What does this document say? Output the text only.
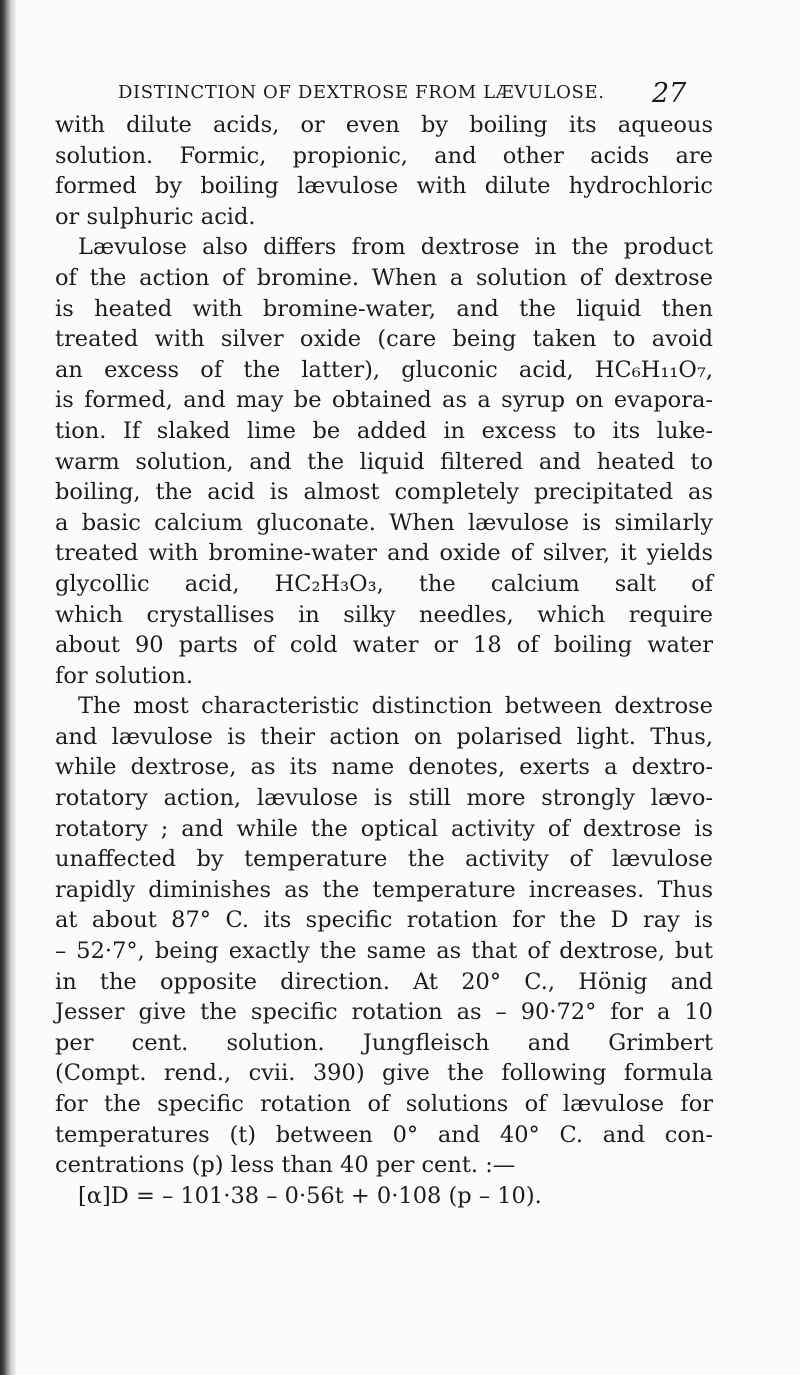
DISTINCTION OF DEXTROSE FROM LÆVULOSE. 27
with dilute acids, or even by boiling its aqueous
solution. Formic, propionic, and other acids are
formed by boiling lævulose with dilute hydrochloric
or sulphuric acid.
Lævulose also differs from dextrose in the product
of the action of bromine. When a solution of dextrose
is heated with bromine-water, and the liquid then
treated with silver oxide (care being taken to avoid
an excess of the latter), gluconic acid, HC₆H₁₁O₇,
is formed, and may be obtained as a syrup on evapora-
tion. If slaked lime be added in excess to its luke-
warm solution, and the liquid filtered and heated to
boiling, the acid is almost completely precipitated as
a basic calcium gluconate. When lævulose is similarly
treated with bromine-water and oxide of silver, it yields
glycollic acid, HC₂H₃O₃, the calcium salt of
which crystallises in silky needles, which require
about 90 parts of cold water or 18 of boiling water
for solution.
The most characteristic distinction between dextrose
and lævulose is their action on polarised light. Thus,
while dextrose, as its name denotes, exerts a dextro-
rotatory action, lævulose is still more strongly lævo-
rotatory ; and while the optical activity of dextrose is
unaffected by temperature the activity of lævulose
rapidly diminishes as the temperature increases. Thus
at about 87° C. its specific rotation for the D ray is
– 52·7°, being exactly the same as that of dextrose, but
in the opposite direction. At 20° C., Hönig and
Jesser give the specific rotation as – 90·72° for a 10
per cent. solution. Jungfleisch and Grimbert
(Compt. rend., cvii. 390) give the following formula
for the specific rotation of solutions of lævulose for
temperatures (t) between 0° and 40° C. and con-
centrations (p) less than 40 per cent. :—
[α]D = – 101·38 – 0·56t + 0·108 (p – 10).
